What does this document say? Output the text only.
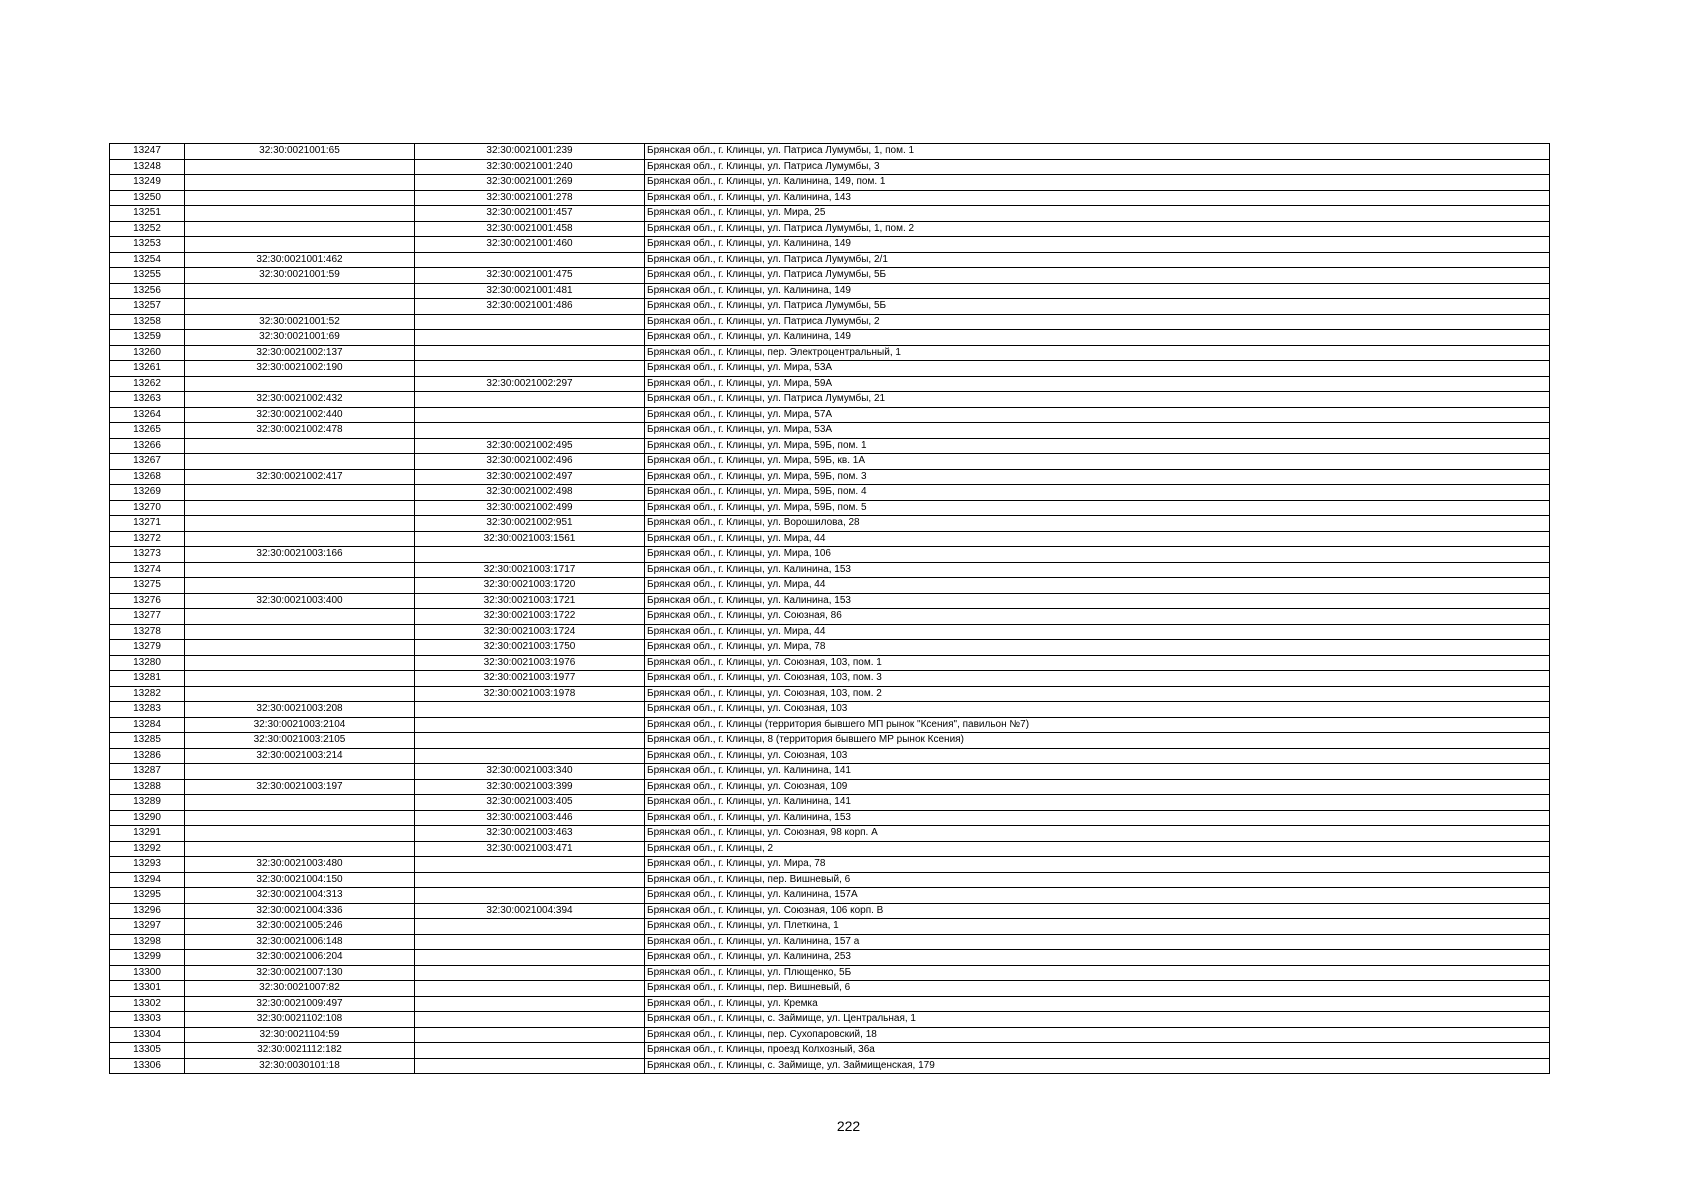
13247	32:30:0021001:65	32:30:0021001:239	Брянская обл., г. Клинцы, ул. Патриса Лумумбы, 1, пом. 1
13248		32:30:0021001:240	Брянская обл., г. Клинцы, ул. Патриса Лумумбы, 3
13249		32:30:0021001:269	Брянская обл., г. Клинцы, ул. Калинина, 149, пом. 1
13250		32:30:0021001:278	Брянская обл., г. Клинцы, ул. Калинина, 143
13251		32:30:0021001:457	Брянская обл., г. Клинцы, ул. Мира, 25
13252		32:30:0021001:458	Брянская обл., г. Клинцы, ул. Патриса Лумумбы, 1, пом. 2
13253		32:30:0021001:460	Брянская обл., г. Клинцы, ул. Калинина, 149
13254	32:30:0021001:462		Брянская обл., г. Клинцы, ул. Патриса Лумумбы, 2/1
13255	32:30:0021001:59	32:30:0021001:475	Брянская обл., г. Клинцы, ул. Патриса Лумумбы, 5Б
13256		32:30:0021001:481	Брянская обл., г. Клинцы, ул. Калинина, 149
13257		32:30:0021001:486	Брянская обл., г. Клинцы, ул. Патриса Лумумбы, 5Б
13258	32:30:0021001:52		Брянская обл., г. Клинцы, ул. Патриса Лумумбы, 2
13259	32:30:0021001:69		Брянская обл., г. Клинцы, ул. Калинина, 149
13260	32:30:0021002:137		Брянская обл., г. Клинцы, пер. Электроцентральный, 1
13261	32:30:0021002:190		Брянская обл., г. Клинцы, ул. Мира, 53А
13262		32:30:0021002:297	Брянская обл., г. Клинцы, ул. Мира, 59А
13263	32:30:0021002:432		Брянская обл., г. Клинцы, ул. Патриса Лумумбы, 21
13264	32:30:0021002:440		Брянская обл., г. Клинцы, ул. Мира, 57А
13265	32:30:0021002:478		Брянская обл., г. Клинцы, ул. Мира, 53А
13266		32:30:0021002:495	Брянская обл., г. Клинцы, ул. Мира, 59Б, пом. 1
13267		32:30:0021002:496	Брянская обл., г. Клинцы, ул. Мира, 59Б, кв. 1А
13268	32:30:0021002:417	32:30:0021002:497	Брянская обл., г. Клинцы, ул. Мира, 59Б, пом. 3
13269		32:30:0021002:498	Брянская обл., г. Клинцы, ул. Мира, 59Б, пом. 4
13270		32:30:0021002:499	Брянская обл., г. Клинцы, ул. Мира, 59Б, пом. 5
13271		32:30:0021002:951	Брянская обл., г. Клинцы, ул. Ворошилова, 28
13272		32:30:0021003:1561	Брянская обл., г. Клинцы, ул. Мира, 44
13273	32:30:0021003:166		Брянская обл., г. Клинцы, ул. Мира, 106
13274		32:30:0021003:1717	Брянская обл., г. Клинцы, ул. Калинина, 153
13275		32:30:0021003:1720	Брянская обл., г. Клинцы, ул. Мира, 44
13276	32:30:0021003:400	32:30:0021003:1721	Брянская обл., г. Клинцы, ул. Калинина, 153
13277		32:30:0021003:1722	Брянская обл., г. Клинцы, ул. Союзная, 86
13278		32:30:0021003:1724	Брянская обл., г. Клинцы, ул. Мира, 44
13279		32:30:0021003:1750	Брянская обл., г. Клинцы, ул. Мира, 78
13280		32:30:0021003:1976	Брянская обл., г. Клинцы, ул. Союзная, 103, пом. 1
13281		32:30:0021003:1977	Брянская обл., г. Клинцы, ул. Союзная, 103, пом. 3
13282		32:30:0021003:1978	Брянская обл., г. Клинцы, ул. Союзная, 103, пом. 2
13283	32:30:0021003:208		Брянская обл., г. Клинцы, ул. Союзная, 103
13284	32:30:0021003:2104		Брянская обл., г. Клинцы (территория бывшего МП рынок "Ксения", павильон №7)
13285	32:30:0021003:2105		Брянская обл., г. Клинцы, 8 (территория бывшего МР рынок Ксения)
13286	32:30:0021003:214		Брянская обл., г. Клинцы, ул. Союзная, 103
13287		32:30:0021003:340	Брянская обл., г. Клинцы, ул. Калинина, 141
13288	32:30:0021003:197	32:30:0021003:399	Брянская обл., г. Клинцы, ул. Союзная, 109
13289		32:30:0021003:405	Брянская обл., г. Клинцы, ул. Калинина, 141
13290		32:30:0021003:446	Брянская обл., г. Клинцы, ул. Калинина, 153
13291		32:30:0021003:463	Брянская обл., г. Клинцы, ул. Союзная, 98 корп. А
13292		32:30:0021003:471	Брянская обл., г. Клинцы, 2
13293	32:30:0021003:480		Брянская обл., г. Клинцы, ул. Мира, 78
13294	32:30:0021004:150		Брянская обл., г. Клинцы, пер. Вишневый, 6
13295	32:30:0021004:313		Брянская обл., г. Клинцы, ул. Калинина, 157А
13296	32:30:0021004:336	32:30:0021004:394	Брянская обл., г. Клинцы, ул. Союзная, 106 корп. В
13297	32:30:0021005:246		Брянская обл., г. Клинцы, ул. Плеткина, 1
13298	32:30:0021006:148		Брянская обл., г. Клинцы, ул. Калинина, 157 а
13299	32:30:0021006:204		Брянская обл., г. Клинцы, ул. Калинина, 253
13300	32:30:0021007:130		Брянская обл., г. Клинцы, ул. Плющенко, 5Б
13301	32:30:0021007:82		Брянская обл., г. Клинцы, пер. Вишневый, 6
13302	32:30:0021009:497		Брянская обл., г. Клинцы, ул. Кремка
13303	32:30:0021102:108		Брянская обл., г. Клинцы, с. Займище, ул. Центральная, 1
13304	32:30:0021104:59		Брянская обл., г. Клинцы, пер. Сухопаровский, 18
13305	32:30:0021112:182		Брянская обл., г. Клинцы, проезд Колхозный, 36а
13306	32:30:0030101:18		Брянская обл., г. Клинцы, с. Займище, ул. Займищенская, 179
222
